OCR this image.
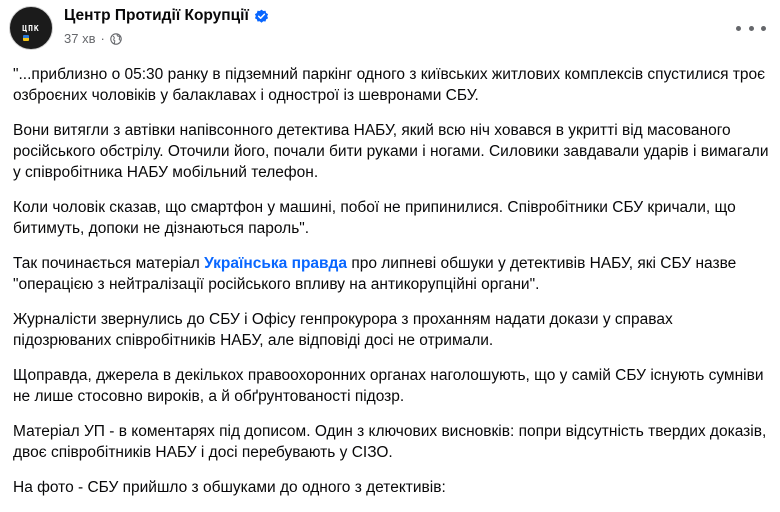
ЦПК
Центр Протидії Корупції
37 хв ·

"...приблизно о 05:30 ранку в підземний паркінг одного з київських житлових комплексів спустилися троє озброєних чоловіків у балаклавах і однострої із шевронами СБУ.

Вони витягли з автівки напівсонного детектива НАБУ, який всю ніч ховався в укритті від масованого російського обстрілу. Оточили його, почали бити руками і ногами. Силовики завдавали ударів і вимагали у співробітника НАБУ мобільний телефон.

Коли чоловік сказав, що смартфон у машині, побої не припинилися. Співробітники СБУ кричали, що битимуть, допоки не дізнаються пароль".

Так починається матеріал Українська правда про липневі обшуки у детективів НАБУ, які СБУ назве "операцією з нейтралізації російського впливу на антикорупційні органи".

Журналісти звернулись до СБУ і Офісу генпрокурора з проханням надати докази у справах підозрюваних співробітників НАБУ, але відповіді досі не отримали.

Щоправда, джерела в декількох правоохоронних органах наголошують, що у самій СБУ існують сумніви не лише стосовно вироків, а й обґрунтованості підозр.

Матеріал УП - в коментарях під дописом. Один з ключових висновків: попри відсутність твердих доказів, двоє співробітників НАБУ і досі перебувають у СІЗО.

На фото - СБУ прийшло з обшуками до одного з детективів:
